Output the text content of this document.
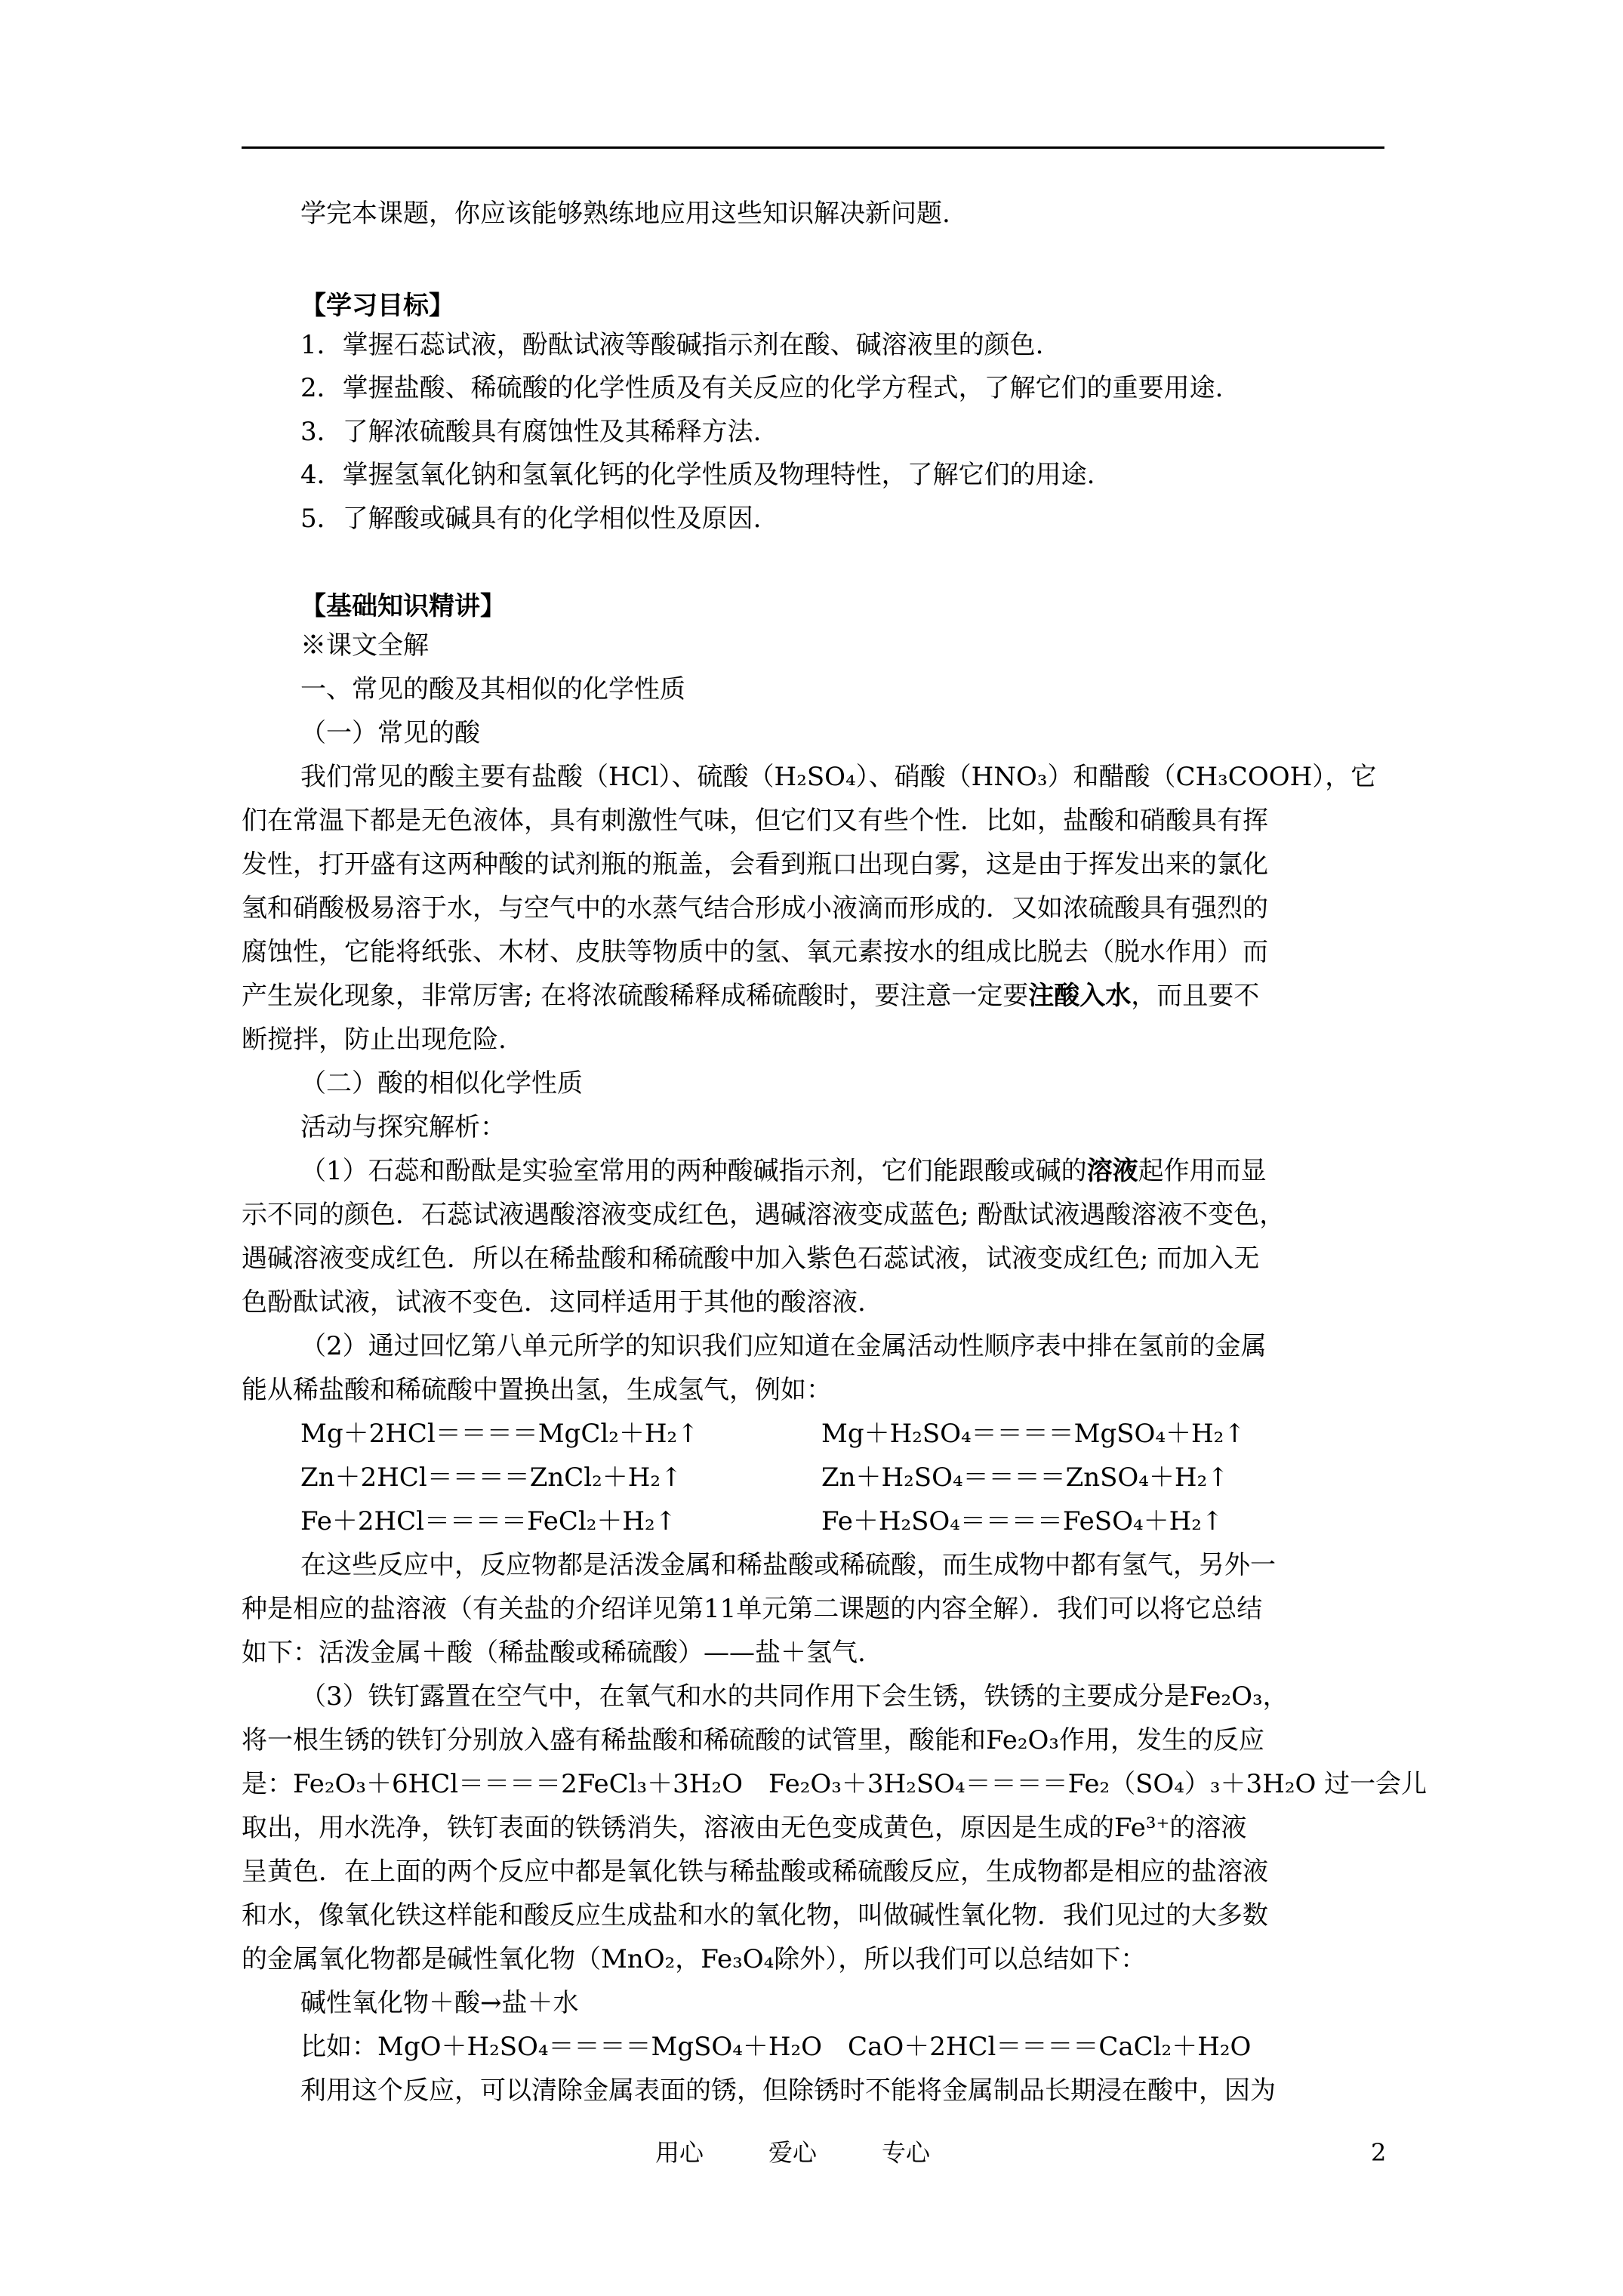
学完本课题，你应该能够熟练地应用这些知识解决新问题.
【学习目标】
1．掌握石蕊试液，酚酞试液等酸碱指示剂在酸、碱溶液里的颜色.
2．掌握盐酸、稀硫酸的化学性质及有关反应的化学方程式，了解它们的重要用途.
3．了解浓硫酸具有腐蚀性及其稀释方法.
4．掌握氢氧化钠和氢氧化钙的化学性质及物理特性，了解它们的用途.
5．了解酸或碱具有的化学相似性及原因.
【基础知识精讲】
※课文全解
一、常见的酸及其相似的化学性质
（一）常见的酸
我们常见的酸主要有盐酸（HCl）、硫酸（H₂SO₄）、硝酸（HNO₃）和醋酸（CH₃COOH），它
们在常温下都是无色液体，具有刺激性气味，但它们又有些个性．比如，盐酸和硝酸具有挥
发性，打开盛有这两种酸的试剂瓶的瓶盖，会看到瓶口出现白雾，这是由于挥发出来的氯化
氢和硝酸极易溶于水，与空气中的水蒸气结合形成小液滴而形成的．又如浓硫酸具有强烈的
腐蚀性，它能将纸张、木材、皮肤等物质中的氢、氧元素按水的组成比脱去（脱水作用）而
产生炭化现象，非常厉害; 在将浓硫酸稀释成稀硫酸时，要注意一定要注酸入水，而且要不
断搅拌，防止出现危险.
（二）酸的相似化学性质
活动与探究解析：
（1）石蕊和酚酞是实验室常用的两种酸碱指示剂，它们能跟酸或碱的溶液起作用而显
示不同的颜色．石蕊试液遇酸溶液变成红色，遇碱溶液变成蓝色; 酚酞试液遇酸溶液不变色，
遇碱溶液变成红色．所以在稀盐酸和稀硫酸中加入紫色石蕊试液，试液变成红色; 而加入无
色酚酞试液，试液不变色．这同样适用于其他的酸溶液.
（2）通过回忆第八单元所学的知识我们应知道在金属活动性顺序表中排在氢前的金属
能从稀盐酸和稀硫酸中置换出氢，生成氢气，例如：
Mg＋2HCl＝＝＝＝MgCl₂＋H₂↑	Mg＋H₂SO₄＝＝＝＝MgSO₄＋H₂↑
Zn＋2HCl＝＝＝＝ZnCl₂＋H₂↑	Zn＋H₂SO₄＝＝＝＝ZnSO₄＋H₂↑
Fe＋2HCl＝＝＝＝FeCl₂＋H₂↑	Fe＋H₂SO₄＝＝＝＝FeSO₄＋H₂↑
在这些反应中，反应物都是活泼金属和稀盐酸或稀硫酸，而生成物中都有氢气，另外一
种是相应的盐溶液（有关盐的介绍详见第11单元第二课题的内容全解）．我们可以将它总结
如下：活泼金属＋酸（稀盐酸或稀硫酸）——盐＋氢气.
（3）铁钉露置在空气中，在氧气和水的共同作用下会生锈，铁锈的主要成分是Fe₂O₃，
将一根生锈的铁钉分别放入盛有稀盐酸和稀硫酸的试管里，酸能和Fe₂O₃作用，发生的反应
是：Fe₂O₃＋6HCl＝＝＝＝2FeCl₃＋3H₂O　Fe₂O₃＋3H₂SO₄＝＝＝＝Fe₂（SO₄）₃＋3H₂O 过一会儿
取出，用水洗净，铁钉表面的铁锈消失，溶液由无色变成黄色，原因是生成的Fe³⁺的溶液
呈黄色．在上面的两个反应中都是氧化铁与稀盐酸或稀硫酸反应，生成物都是相应的盐溶液
和水，像氧化铁这样能和酸反应生成盐和水的氧化物，叫做碱性氧化物．我们见过的大多数
的金属氧化物都是碱性氧化物（MnO₂，Fe₃O₄除外），所以我们可以总结如下：
碱性氧化物＋酸→盐＋水
比如：MgO＋H₂SO₄＝＝＝＝MgSO₄＋H₂O　CaO＋2HCl＝＝＝＝CaCl₂＋H₂O
利用这个反应，可以清除金属表面的锈，但除锈时不能将金属制品长期浸在酸中，因为
用心	爱心	专心	2
